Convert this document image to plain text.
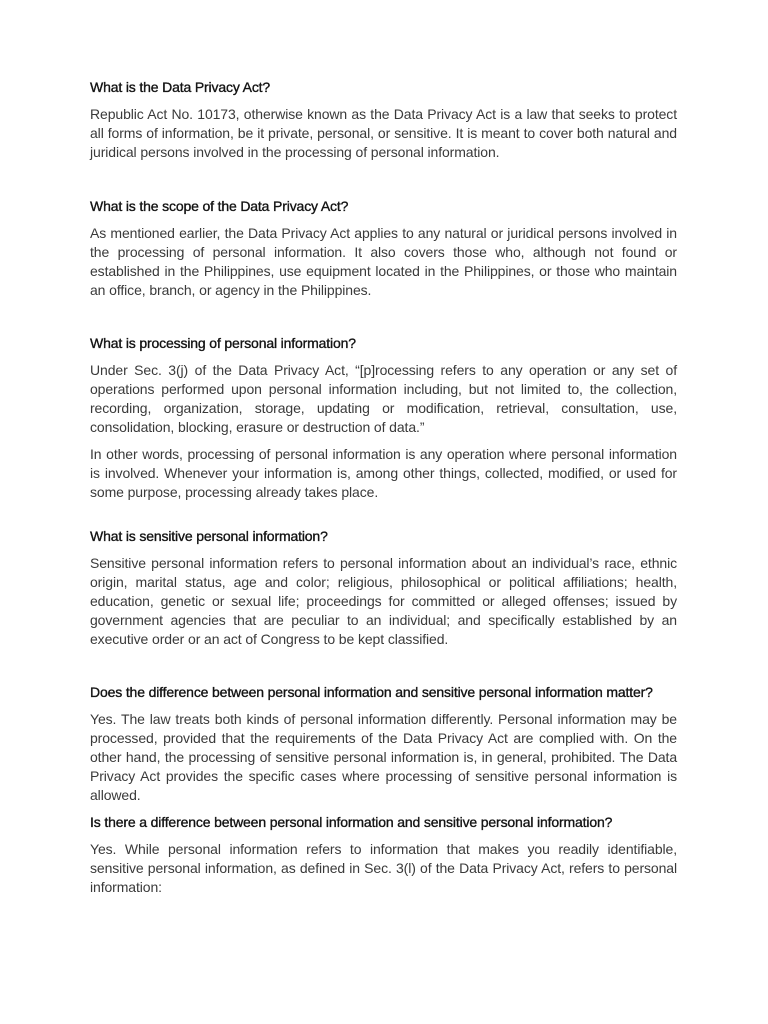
What is the Data Privacy Act?

Republic Act No. 10173, otherwise known as the Data Privacy Act is a law that seeks to protect all forms of information, be it private, personal, or sensitive. It is meant to cover both natural and juridical persons involved in the processing of personal information.

What is the scope of the Data Privacy Act?

As mentioned earlier, the Data Privacy Act applies to any natural or juridical persons involved in the processing of personal information. It also covers those who, although not found or established in the Philippines, use equipment located in the Philippines, or those who maintain an office, branch, or agency in the Philippines.

What is processing of personal information?

Under Sec. 3(j) of the Data Privacy Act, “[p]rocessing refers to any operation or any set of operations performed upon personal information including, but not limited to, the collection, recording, organization, storage, updating or modification, retrieval, consultation, use, consolidation, blocking, erasure or destruction of data.”

In other words, processing of personal information is any operation where personal information is involved. Whenever your information is, among other things, collected, modified, or used for some purpose, processing already takes place.

What is sensitive personal information?

Sensitive personal information refers to personal information about an individual’s race, ethnic origin, marital status, age and color; religious, philosophical or political affiliations; health, education, genetic or sexual life; proceedings for committed or alleged offenses; issued by government agencies that are peculiar to an individual; and specifically established by an executive order or an act of Congress to be kept classified.

Does the difference between personal information and sensitive personal information matter?

Yes. The law treats both kinds of personal information differently. Personal information may be processed, provided that the requirements of the Data Privacy Act are complied with. On the other hand, the processing of sensitive personal information is, in general, prohibited. The Data Privacy Act provides the specific cases where processing of sensitive personal information is allowed.

Is there a difference between personal information and sensitive personal information?

Yes. While personal information refers to information that makes you readily identifiable, sensitive personal information, as defined in Sec. 3(l) of the Data Privacy Act, refers to personal information:
